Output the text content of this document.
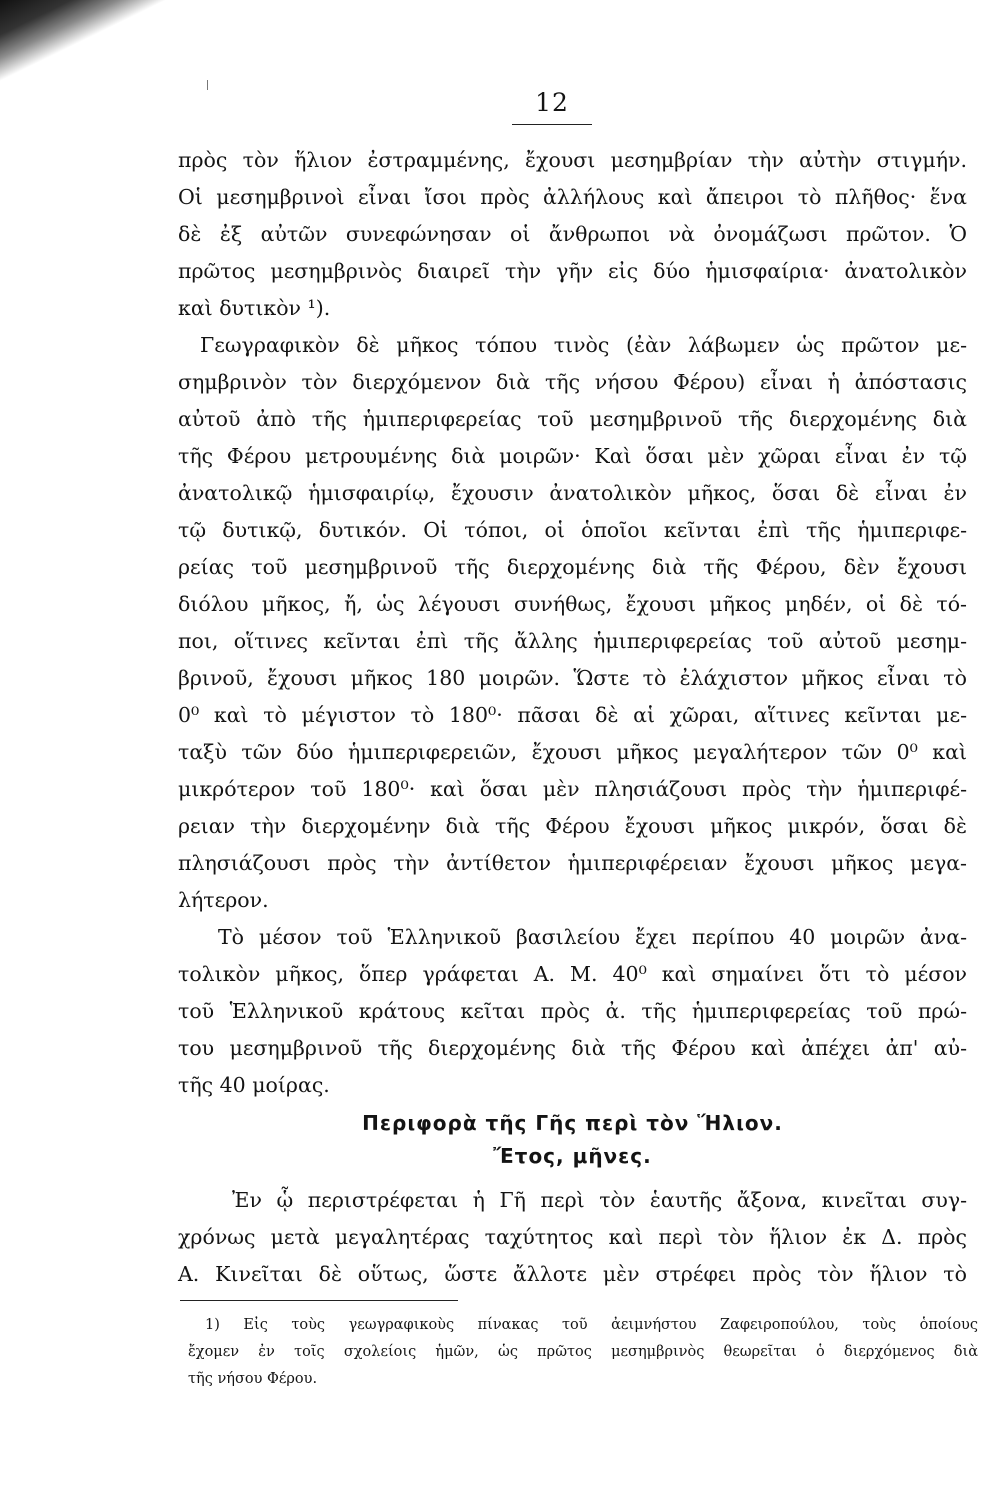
12
πρὸς τὸν ἥλιον ἐστραμμένης, ἔχουσι μεσημβρίαν τὴν αὐτὴν στιγμήν.
Οἱ μεσημβρινοὶ εἶναι ἴσοι πρὸς ἀλλήλους καὶ ἄπειροι τὸ πλῆθος· ἕνα
δὲ ἐξ αὐτῶν συνεφώνησαν οἱ ἄνθρωποι νὰ ὀνομάζωσι πρῶτον. Ὁ
πρῶτος μεσημβρινὸς διαιρεῖ τὴν γῆν εἰς δύο ἡμισφαίρια· ἀνατολικὸν
καὶ δυτικὸν ¹).
Γεωγραφικὸν δὲ μῆκος τόπου τινὸς (ἐὰν λάβωμεν ὡς πρῶτον με-
σημβρινὸν τὸν διερχόμενον διὰ τῆς νήσου Φέρου) εἶναι ἡ ἀπόστασις
αὐτοῦ ἀπὸ τῆς ἡμιπεριφερείας τοῦ μεσημβρινοῦ τῆς διερχομένης διὰ
τῆς Φέρου μετρουμένης διὰ μοιρῶν· Καὶ ὅσαι μὲν χῶραι εἶναι ἐν τῷ
ἀνατολικῷ ἡμισφαιρίῳ, ἔχουσιν ἀνατολικὸν μῆκος, ὅσαι δὲ εἶναι ἐν
τῷ δυτικῷ, δυτικόν. Οἱ τόποι, οἱ ὁποῖοι κεῖνται ἐπὶ τῆς ἡμιπεριφε-
ρείας τοῦ μεσημβρινοῦ τῆς διερχομένης διὰ τῆς Φέρου, δὲν ἔχουσι
διόλου μῆκος, ἤ, ὡς λέγουσι συνήθως, ἔχουσι μῆκος μηδέν, οἱ δὲ τό-
ποι, οἵτινες κεῖνται ἐπὶ τῆς ἄλλης ἡμιπεριφερείας τοῦ αὐτοῦ μεσημ-
βρινοῦ, ἔχουσι μῆκος 180 μοιρῶν. Ὥστε τὸ ἐλάχιστον μῆκος εἶναι τὸ
0⁰ καὶ τὸ μέγιστον τὸ 180⁰· πᾶσαι δὲ αἱ χῶραι, αἵτινες κεῖνται με-
ταξὺ τῶν δύο ἡμιπεριφερειῶν, ἔχουσι μῆκος μεγαλήτερον τῶν 0⁰ καὶ
μικρότερον τοῦ 180⁰· καὶ ὅσαι μὲν πλησιάζουσι πρὸς τὴν ἡμιπεριφέ-
ρειαν τὴν διερχομένην διὰ τῆς Φέρου ἔχουσι μῆκος μικρόν, ὅσαι δὲ
πλησιάζουσι πρὸς τὴν ἀντίθετον ἡμιπεριφέρειαν ἔχουσι μῆκος μεγα-
λήτερον.
Τὸ μέσον τοῦ Ἑλληνικοῦ βασιλείου ἔχει περίπου 40 μοιρῶν ἀνα-
τολικὸν μῆκος, ὅπερ γράφεται Α. Μ. 40⁰ καὶ σημαίνει ὅτι τὸ μέσον
τοῦ Ἑλληνικοῦ κράτους κεῖται πρὸς ἀ. τῆς ἡμιπεριφερείας τοῦ πρώ-
του μεσημβρινοῦ τῆς διερχομένης διὰ τῆς Φέρου καὶ ἀπέχει ἀπ' αὐ-
τῆς 40 μοίρας.
Περιφορὰ τῆς Γῆς περὶ τὸν Ἥλιον.
Ἔτος, μῆνες.
Ἐν ᾧ περιστρέφεται ἡ Γῆ περὶ τὸν ἑαυτῆς ἄξονα, κινεῖται συγ-
χρόνως μετὰ μεγαλητέρας ταχύτητος καὶ περὶ τὸν ἥλιον ἐκ Δ. πρὸς
Α. Κινεῖται δὲ οὕτως, ὥστε ἄλλοτε μὲν στρέφει πρὸς τὸν ἥλιον τὸ
1) Εἰς τοὺς γεωγραφικοὺς πίνακας τοῦ ἀειμνήστου Ζαφειροπούλου, τοὺς ὁποίους
ἔχομεν ἐν τοῖς σχολείοις ἡμῶν, ὡς πρῶτος μεσημβρινὸς θεωρεῖται ὁ διερχόμενος διὰ
τῆς νήσου Φέρου.
